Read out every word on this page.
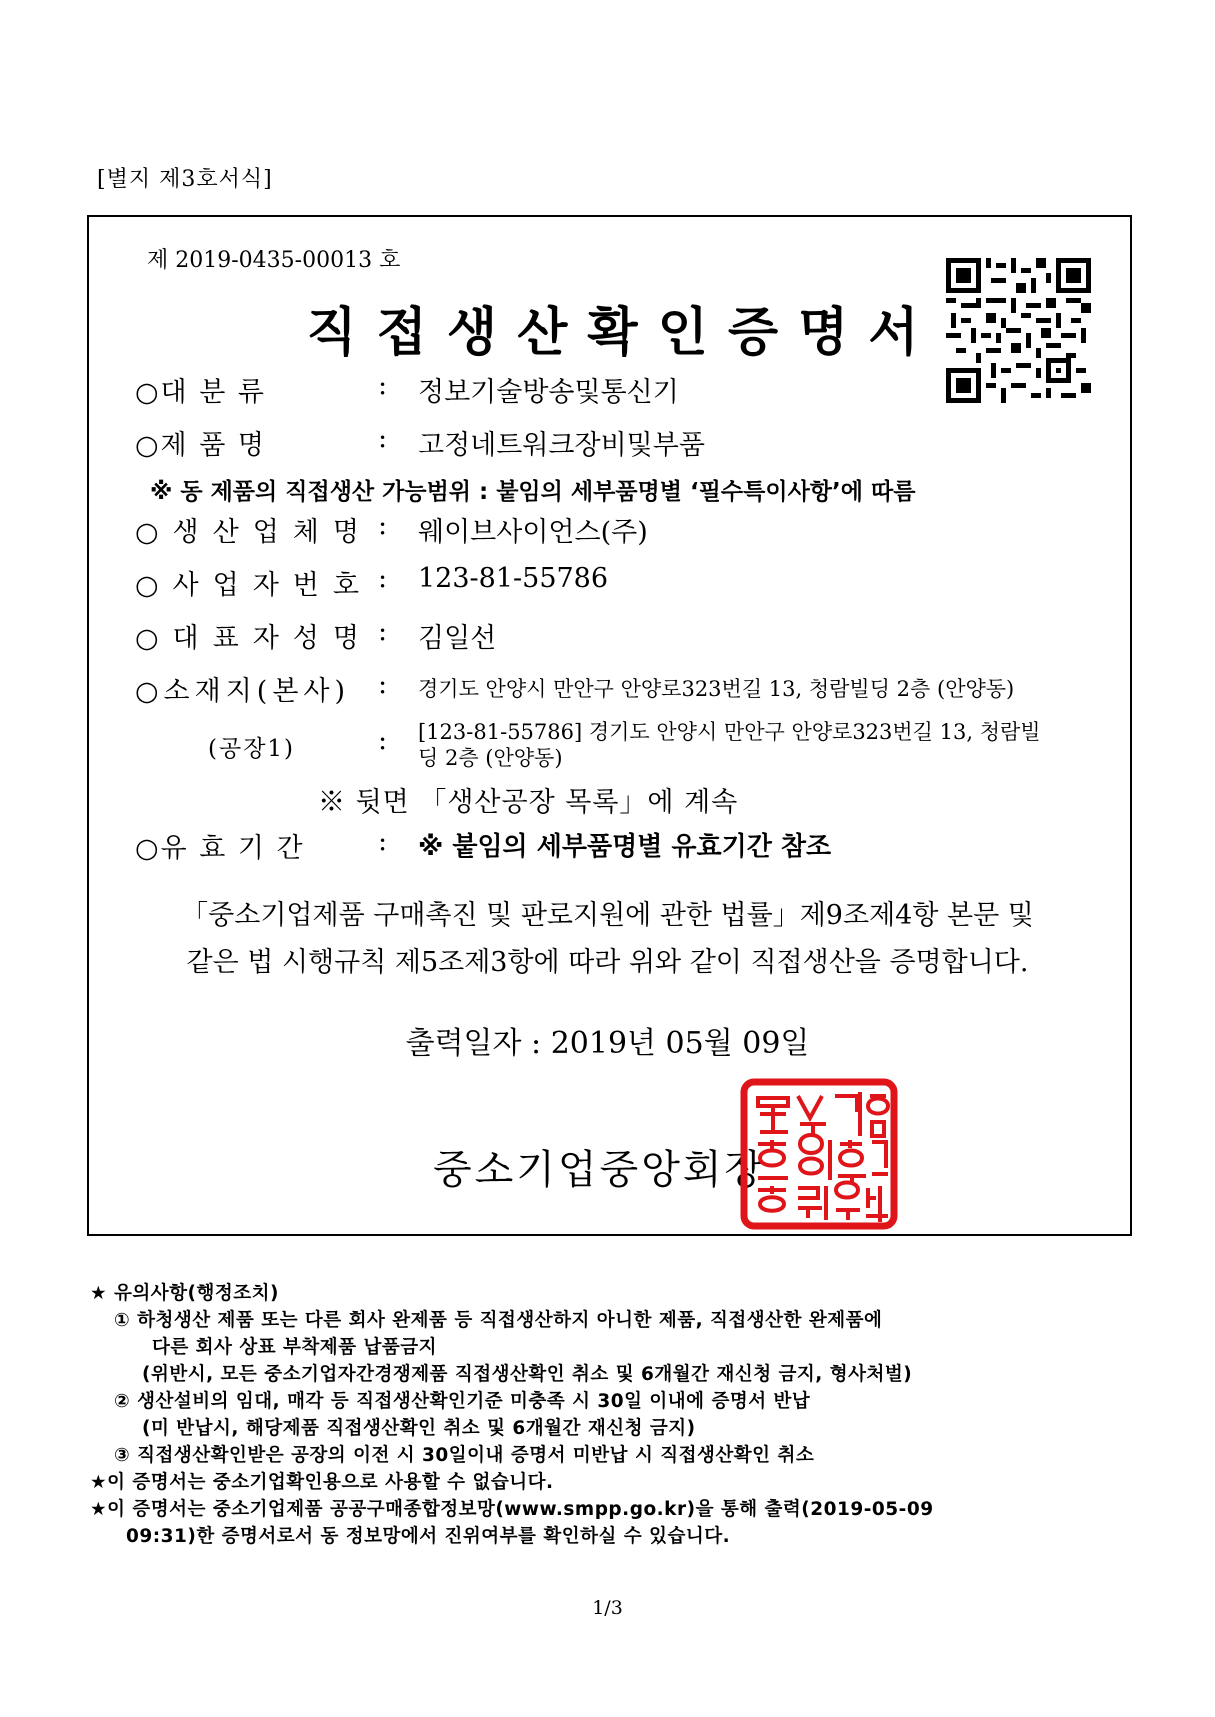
[별지 제3호서식]
제 2019-0435-00013 호
직접생산확인증명서
○대 분 류	: 정보기술방송및통신기
○제 품 명	: 고정네트워크장비및부품
※ 동 제품의 직접생산 가능범위 : 붙임의 세부품명별 ‘필수특이사항’에 따름
○생산업체명 : 웨이브사이언스(주)
○사업자번호 : 123-81-55786
○대표자성명 : 김일선
○소재지(본사) : 경기도 안양시 만안구 안양로323번길 13, 청람빌딩 2층 (안양동)
(공장1)	: [123-81-55786] 경기도 안양시 만안구 안양로323번길 13, 청람빌
딩 2층 (안양동)
※ 뒷면 「생산공장 목록」에 계속
○유 효 기 간	: ※ 붙임의 세부품명별 유효기간 참조
「중소기업제품 구매촉진 및 판로지원에 관한 법률」제9조제4항 본문 및
같은 법 시행규칙 제5조제3항에 따라 위와 같이 직접생산을 증명합니다.
출력일자 : 2019년 05월 09일
중소기업중앙회장
★ 유의사항(행정조치)
① 하청생산 제품 또는 다른 회사 완제품 등 직접생산하지 아니한 제품, 직접생산한 완제품에
다른 회사 상표 부착제품 납품금지
(위반시, 모든 중소기업자간경쟁제품 직접생산확인 취소 및 6개월간 재신청 금지, 형사처벌)
② 생산설비의 임대, 매각 등 직접생산확인기준 미충족 시 30일 이내에 증명서 반납
(미 반납시, 해당제품 직접생산확인 취소 및 6개월간 재신청 금지)
③ 직접생산확인받은 공장의 이전 시 30일이내 증명서 미반납 시 직접생산확인 취소
★이 증명서는 중소기업확인용으로 사용할 수 없습니다.
★이 증명서는 중소기업제품 공공구매종합정보망(www.smpp.go.kr)을 통해 출력(2019-05-09
09:31)한 증명서로서 동 정보망에서 진위여부를 확인하실 수 있습니다.
1/3
